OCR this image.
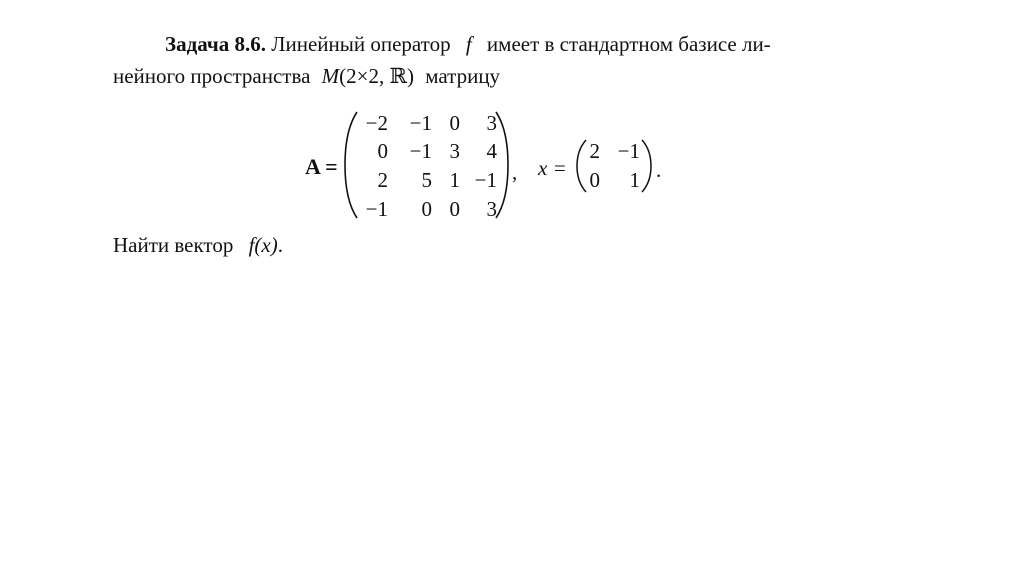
Задача 8.6. Линейный оператор f имеет в стандартном базисе ли-
нейного пространства M(2×2, ℝ) матрицу
A =
−2 −1 0 3
0 −1 3 4
2 5 1 −1
−1 0 0 3
, x =
2 −1
0 1 .
Найти вектор f(x).
